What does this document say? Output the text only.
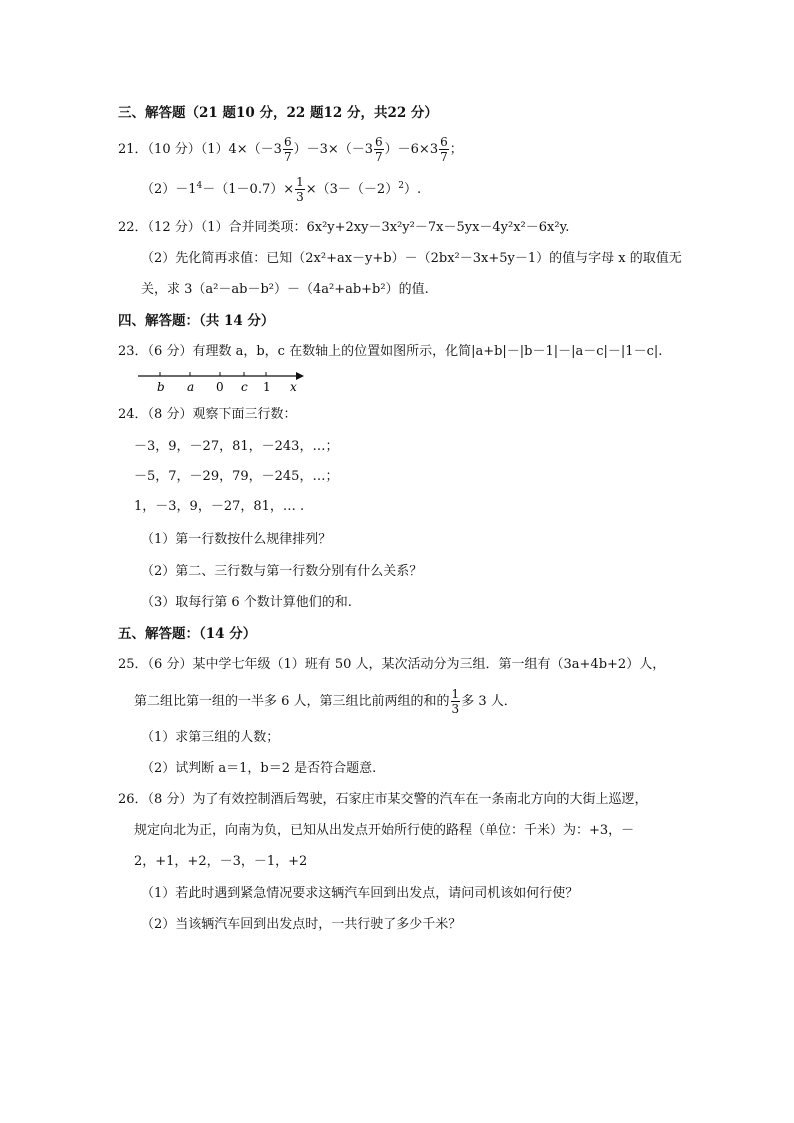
三、解答题（21 题10 分，22 题12 分，共22 分）
21．（10 分）$(1)4\times(-3 \frac{6}{7} )-3\times(-3 \frac{6}{7} )-6\times 3 \frac{6}{7}$ ；
$(2)-1^4-(1-0.7)\times \frac{1}{3} \times(3-(-2)^2)$.
22．（12 分）（1）合并同类项：6x²y+2xy－3x²y²－7x－5yx－4y²x²－6x²y.
（2）先化简再求值：已知（2x²+ax－y+b）－（2bx²－3x+5y－1）的值与字母 x 的取值无
关，求 3（a²－ab－b²）－（4a²+ab+b²）的值.
四、解答题：（共 14 分）
23．（6 分）有理数 a，b，c 在数轴上的位置如图所示，化简|a+b|－|b－1|－|a－c|－|1－c|.
b a 0 c 1 x
24．（8 分）观察下面三行数：
－3，9，－27，81，－243，…；
－5，7，－29，79，－245，…；
1，－3，9，－27，81，… .
（1）第一行数按什么规律排列？
（2）第二、三行数与第一行数分别有什么关系？
（3）取每行第 6 个数计算他们的和.
五、解答题：（14 分）
25．（6 分）某中学七年级（1）班有 50 人，某次活动分为三组．第一组有（3a+4b+2）人，
第二组比第一组的一半多 6 人，第三组比前两组的和的 $\frac{1}{3}$ 多 3 人．
（1）求第三组的人数；
（2）试判断 a＝1，b＝2 是否符合题意.
26．（8 分）为了有效控制酒后驾驶，石家庄市某交警的汽车在一条南北方向的大街上巡逻，
规定向北为正，向南为负，已知从出发点开始所行使的路程（单位：千米）为：+3，－
2，+1，+2，－3，－1，+2
（1）若此时遇到紧急情况要求这辆汽车回到出发点，请问司机该如何行使？
（2）当该辆汽车回到出发点时，一共行驶了多少千米？
